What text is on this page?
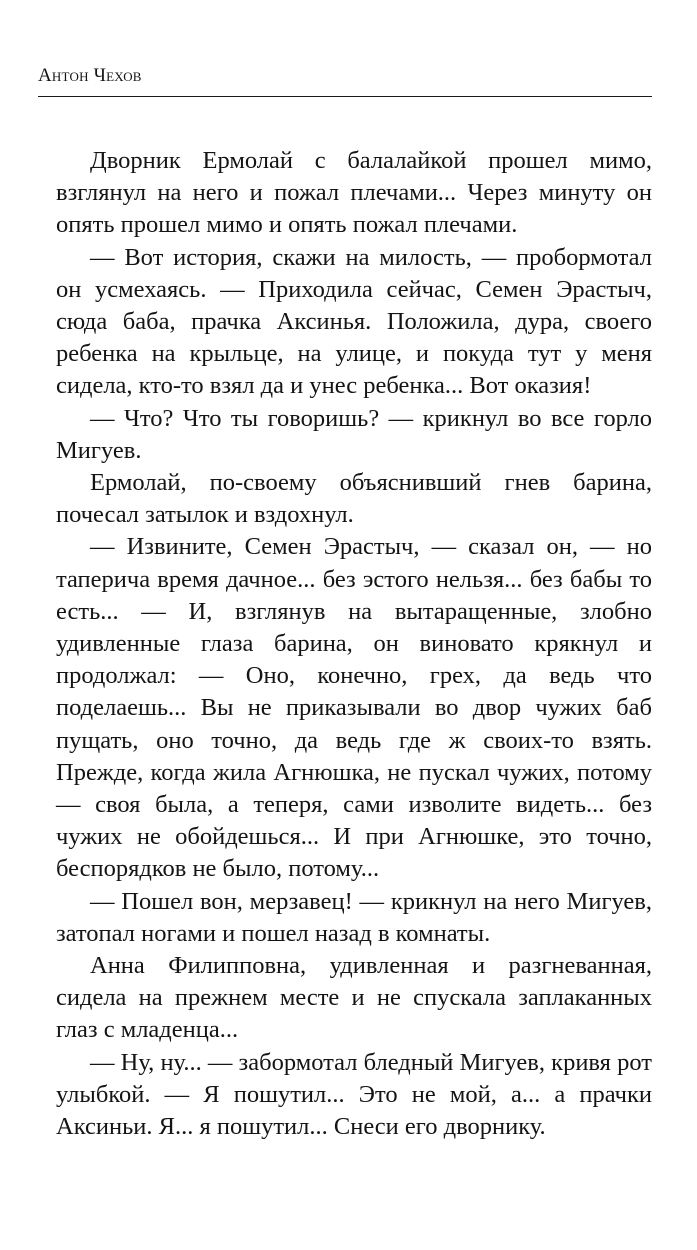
Антон Чехов

Дворник Ермолай с балалайкой прошел мимо, взглянул на него и пожал плечами... Через минуту он опять прошел мимо и опять пожал плечами.

— Вот история, скажи на милость, — пробормотал он усмехаясь. — Приходила сейчас, Семен Эрастыч, сюда баба, прачка Аксинья. Положила, дура, своего ребенка на крыльце, на улице, и покуда тут у меня сидела, кто-то взял да и унес ребенка... Вот оказия!

— Что? Что ты говоришь? — крикнул во все горло Мигуев.

Ермолай, по-своему объяснивший гнев барина, почесал затылок и вздохнул.

— Извините, Семен Эрастыч, — сказал он, — но таперича время дачное... без эстого нельзя... без бабы то есть... — И, взглянув на вытаращенные, злобно удивленные глаза барина, он виновато крякнул и продолжал: — Оно, конечно, грех, да ведь что поделаешь... Вы не приказывали во двор чужих баб пущать, оно точно, да ведь где ж своих-то взять. Прежде, когда жила Агнюшка, не пускал чужих, потому — своя была, а теперя, сами изволите видеть... без чужих не обойдешься... И при Агнюшке, это точно, беспорядков не было, потому...

— Пошел вон, мерзавец! — крикнул на него Мигуев, затопал ногами и пошел назад в комнаты.

Анна Филипповна, удивленная и разгневанная, сидела на прежнем месте и не спускала заплаканных глаз с младенца...

— Ну, ну... — забормотал бледный Мигуев, кривя рот улыбкой. — Я пошутил... Это не мой, а... а прачки Аксиньи. Я... я пошутил... Снеси его дворнику.
